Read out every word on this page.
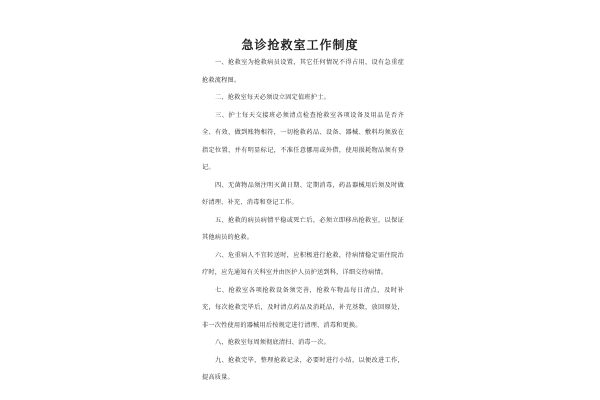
急诊抢救室工作制度

一、抢救室为抢救病员设置，其它任何情况不得占用，设有急重症抢救流程图。

二、抢救室每天必须设立固定值班护士。

三、护士每天交接班必须清点检查抢救室各项设备及用品是否齐全、有效，做到账物相符，一切抢救药品、设备、器械、敷料均须放在指定位置，并有明显标记，不准任意挪用或外借，使用损耗物品须有登记。

四、无菌物品须注明灭菌日期、定期消毒，药品器械用后须及时做好清理、补充、消毒和登记工作。

五、抢救的病员病情平稳或死亡后，必须立即移出抢救室，以保证其他病员的抢救。

六、危重病人不宜转送时，应积极进行抢救，待病情稳定需住院治疗时，应先通知有关科室并由医护人员护送到科，详细交待病情。

七、抢救室各项抢救设备须完善，抢救车物品每日清点，及时补充，每次抢救完毕后，及时清点药品及消耗品，补充基数，放回原处，非一次性使用的器械用后按规定进行清理、消毒和更换。

八、抢救室每周须彻底清扫、消毒一次。

九、抢救完毕，整理抢救记录，必要时进行小结，以便改进工作，提高质量。
